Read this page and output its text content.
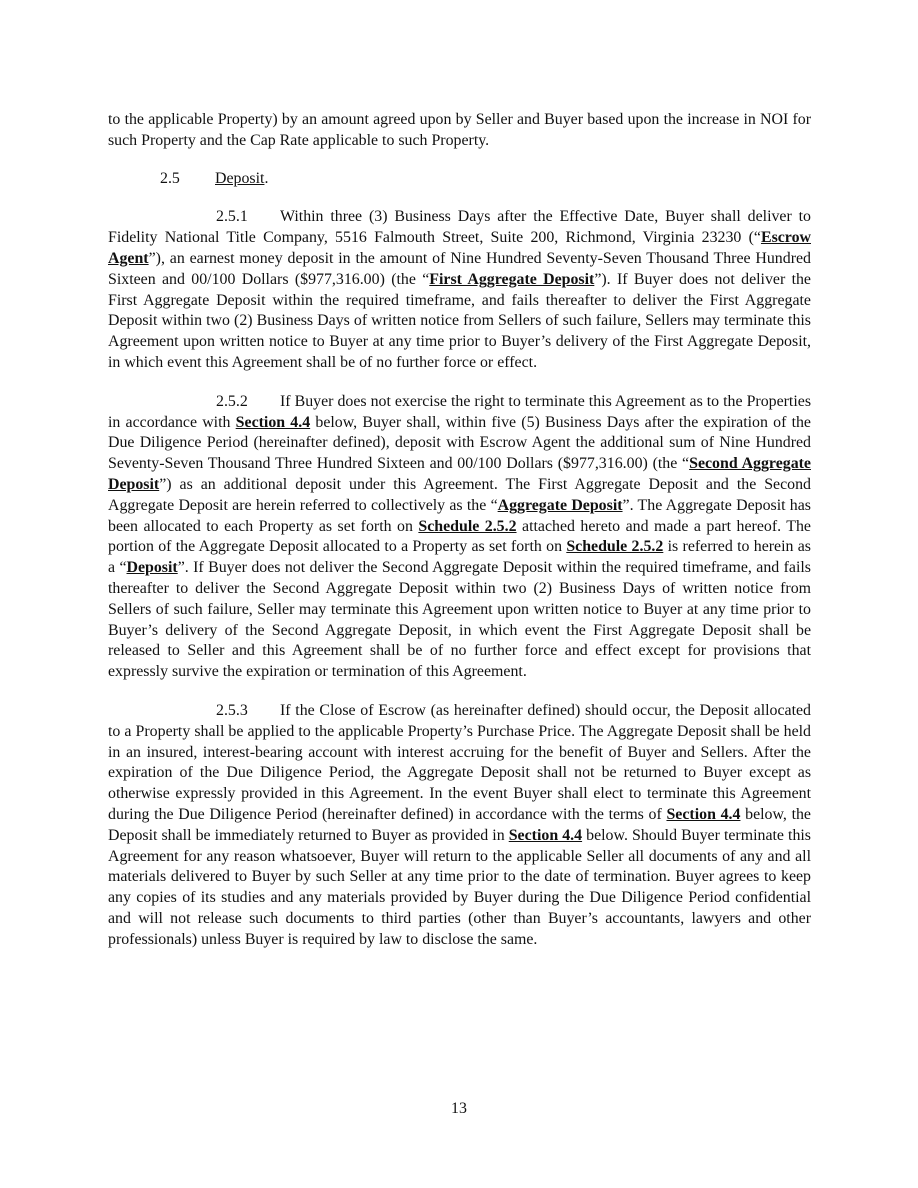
to the applicable Property) by an amount agreed upon by Seller and Buyer based upon the increase in NOI for such Property and the Cap Rate applicable to such Property.

2.5 Deposit.

2.5.1 Within three (3) Business Days after the Effective Date, Buyer shall deliver to Fidelity National Title Company, 5516 Falmouth Street, Suite 200, Richmond, Virginia 23230 (“Escrow Agent”), an earnest money deposit in the amount of Nine Hundred Seventy-Seven Thousand Three Hundred Sixteen and 00/100 Dollars ($977,316.00) (the “First Aggregate Deposit”). If Buyer does not deliver the First Aggregate Deposit within the required timeframe, and fails thereafter to deliver the First Aggregate Deposit within two (2) Business Days of written notice from Sellers of such failure, Sellers may terminate this Agreement upon written notice to Buyer at any time prior to Buyer’s delivery of the First Aggregate Deposit, in which event this Agreement shall be of no further force or effect.

2.5.2 If Buyer does not exercise the right to terminate this Agreement as to the Properties in accordance with Section 4.4 below, Buyer shall, within five (5) Business Days after the expiration of the Due Diligence Period (hereinafter defined), deposit with Escrow Agent the additional sum of Nine Hundred Seventy-Seven Thousand Three Hundred Sixteen and 00/100 Dollars ($977,316.00) (the “Second Aggregate Deposit”) as an additional deposit under this Agreement. The First Aggregate Deposit and the Second Aggregate Deposit are herein referred to collectively as the “Aggregate Deposit”. The Aggregate Deposit has been allocated to each Property as set forth on Schedule 2.5.2 attached hereto and made a part hereof. The portion of the Aggregate Deposit allocated to a Property as set forth on Schedule 2.5.2 is referred to herein as a “Deposit”. If Buyer does not deliver the Second Aggregate Deposit within the required timeframe, and fails thereafter to deliver the Second Aggregate Deposit within two (2) Business Days of written notice from Sellers of such failure, Seller may terminate this Agreement upon written notice to Buyer at any time prior to Buyer’s delivery of the Second Aggregate Deposit, in which event the First Aggregate Deposit shall be released to Seller and this Agreement shall be of no further force and effect except for provisions that expressly survive the expiration or termination of this Agreement.

2.5.3 If the Close of Escrow (as hereinafter defined) should occur, the Deposit allocated to a Property shall be applied to the applicable Property’s Purchase Price. The Aggregate Deposit shall be held in an insured, interest-bearing account with interest accruing for the benefit of Buyer and Sellers. After the expiration of the Due Diligence Period, the Aggregate Deposit shall not be returned to Buyer except as otherwise expressly provided in this Agreement. In the event Buyer shall elect to terminate this Agreement during the Due Diligence Period (hereinafter defined) in accordance with the terms of Section 4.4 below, the Deposit shall be immediately returned to Buyer as provided in Section 4.4 below. Should Buyer terminate this Agreement for any reason whatsoever, Buyer will return to the applicable Seller all documents of any and all materials delivered to Buyer by such Seller at any time prior to the date of termination. Buyer agrees to keep any copies of its studies and any materials provided by Buyer during the Due Diligence Period confidential and will not release such documents to third parties (other than Buyer’s accountants, lawyers and other professionals) unless Buyer is required by law to disclose the same.

13
